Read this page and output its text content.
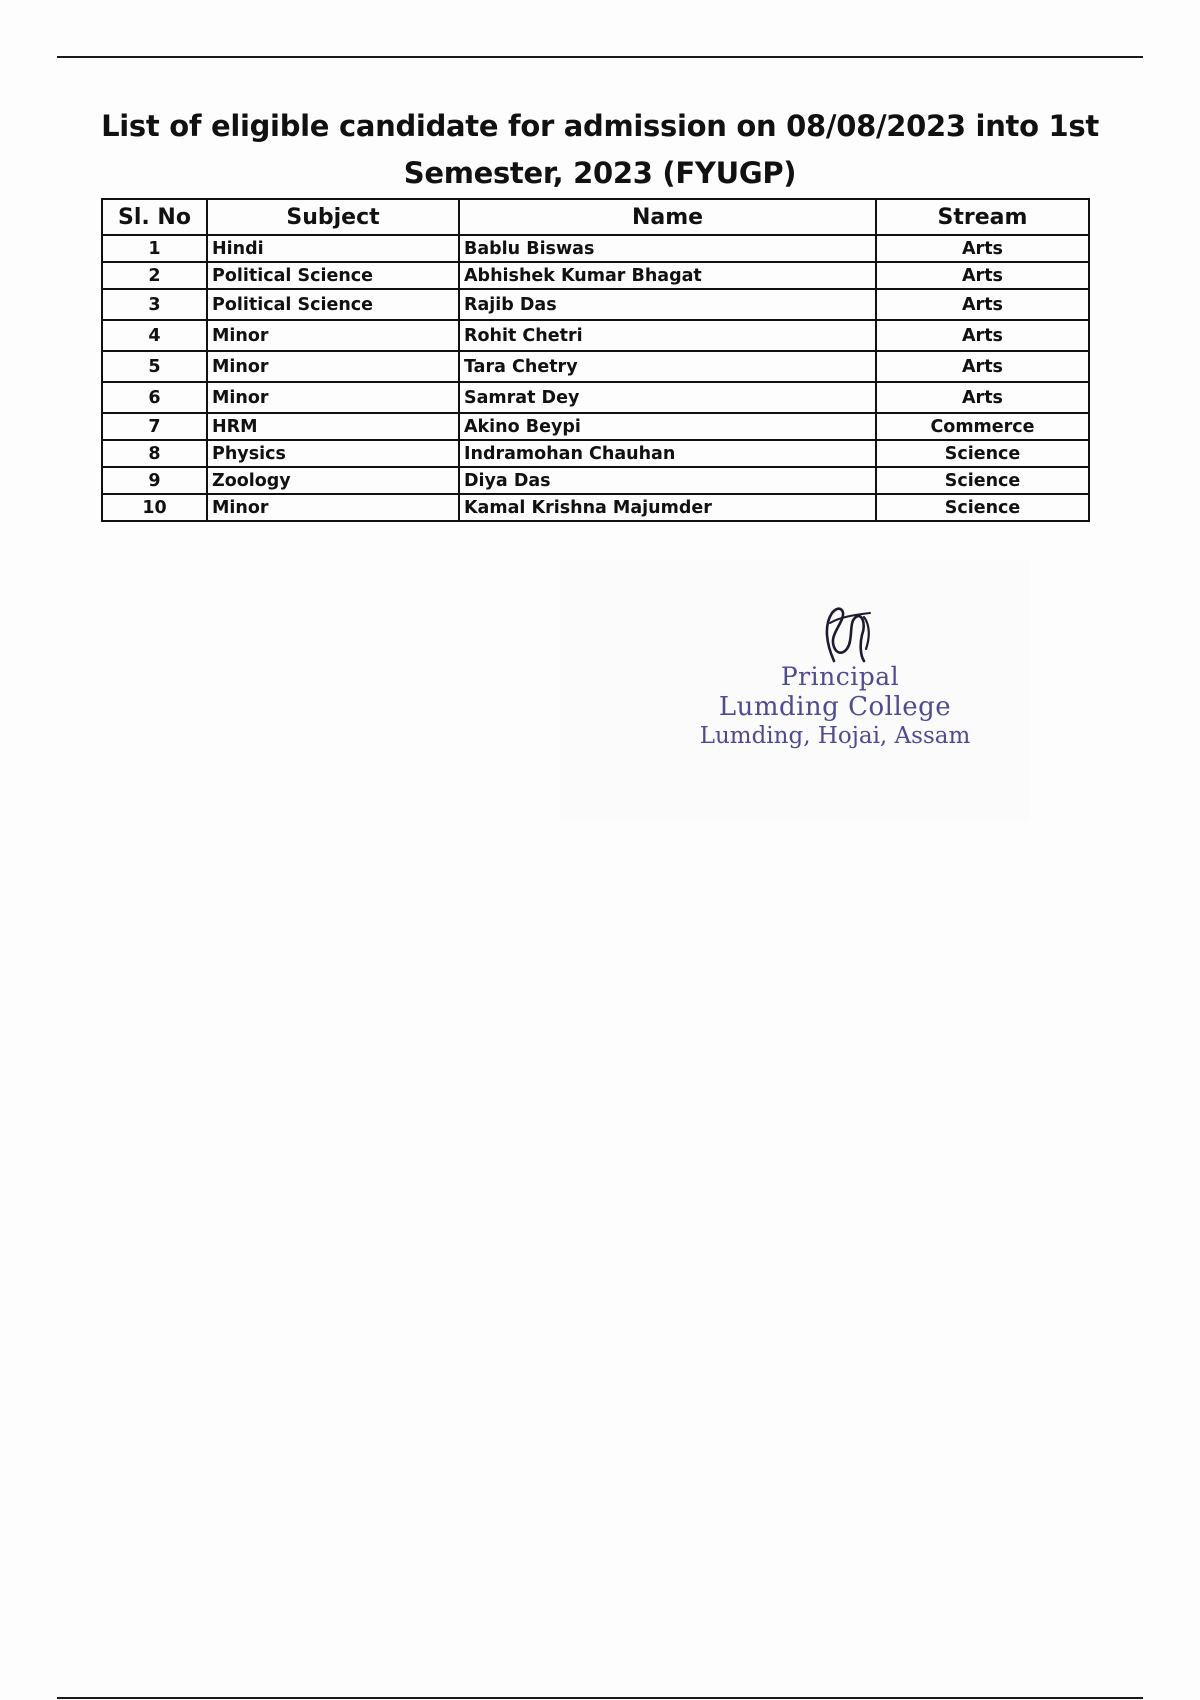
List of eligible candidate for admission on 08/08/2023 into 1st
Semester, 2023 (FYUGP)
Sl. No	Subject	Name	Stream
1	Hindi	Bablu Biswas	Arts
2	Political Science	Abhishek Kumar Bhagat	Arts
3	Political Science	Rajib Das	Arts
4	Minor	Rohit Chetri	Arts
5	Minor	Tara Chetry	Arts
6	Minor	Samrat Dey	Arts
7	HRM	Akino Beypi	Commerce
8	Physics	Indramohan Chauhan	Science
9	Zoology	Diya Das	Science
10	Minor	Kamal Krishna Majumder	Science
Principal
Lumding College
Lumding, Hojai, Assam
